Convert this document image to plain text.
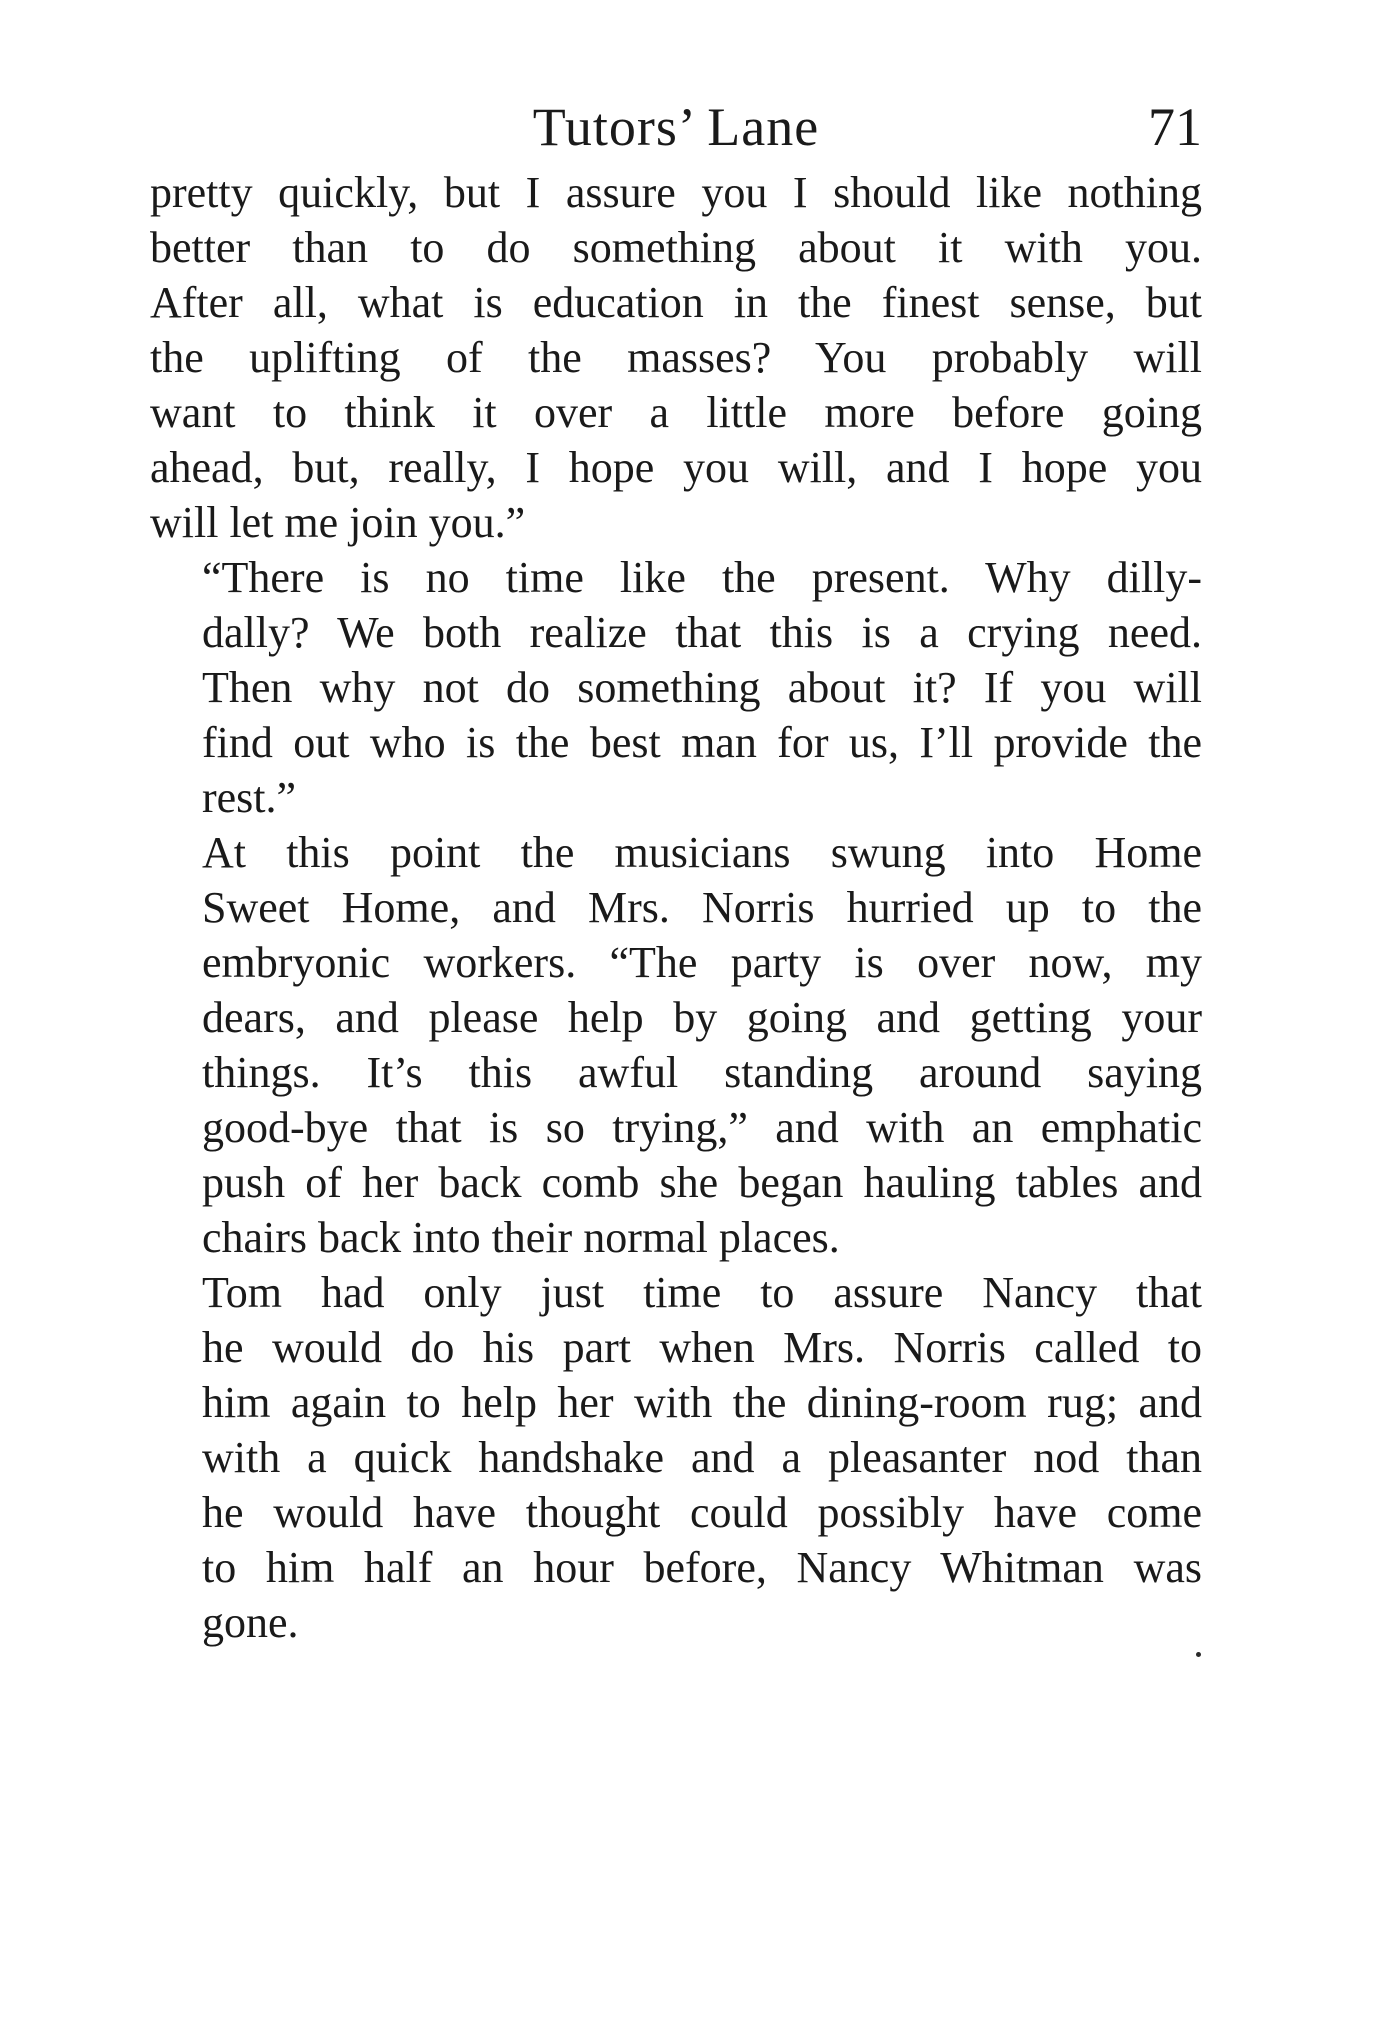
Tutors’ Lane	71

pretty quickly, but I assure you I should like nothing
better than to do something about it with you.
After all, what is education in the finest sense, but
the uplifting of the masses? You probably will
want to think it over a little more before going
ahead, but, really, I hope you will, and I hope you
will let me join you.”

“There is no time like the present. Why dilly-
dally? We both realize that this is a crying need.
Then why not do something about it? If you will
find out who is the best man for us, I’ll provide the
rest.”

At this point the musicians swung into Home
Sweet Home, and Mrs. Norris hurried up to the
embryonic workers. “The party is over now, my
dears, and please help by going and getting your
things. It’s this awful standing around saying
good-bye that is so trying,” and with an emphatic
push of her back comb she began hauling tables and
chairs back into their normal places.

Tom had only just time to assure Nancy that
he would do his part when Mrs. Norris called to
him again to help her with the dining-room rug; and
with a quick handshake and a pleasanter nod than
he would have thought could possibly have come
to him half an hour before, Nancy Whitman was
gone.
